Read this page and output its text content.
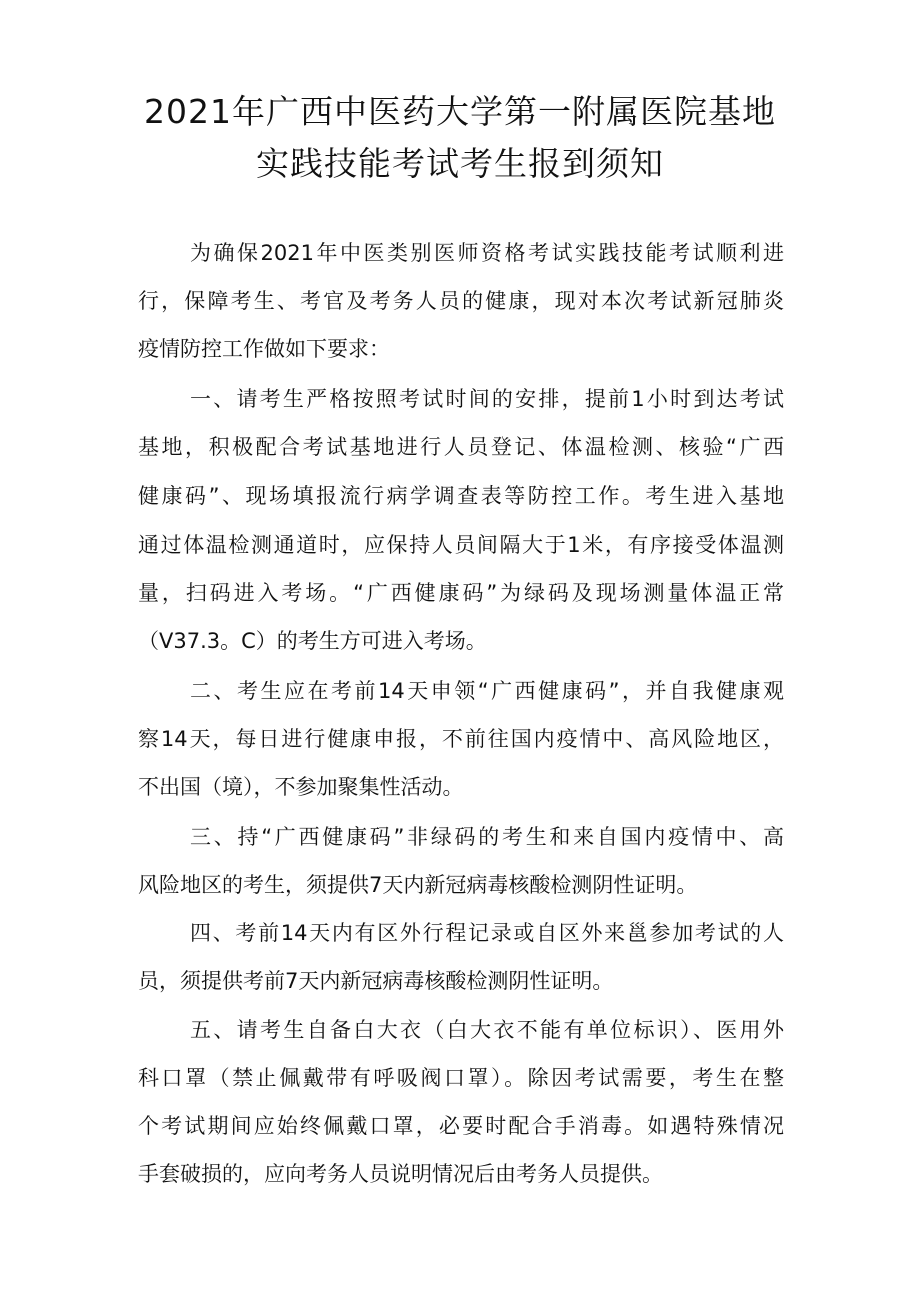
2021年广西中医药大学第一附属医院基地
实践技能考试考生报到须知
为确保2021年中医类别医师资格考试实践技能考试顺利进
行，保障考生、考官及考务人员的健康，现对本次考试新冠肺炎
疫情防控工作做如下要求：
一、请考生严格按照考试时间的安排，提前1小时到达考试
基地，积极配合考试基地进行人员登记、体温检测、核验“广西
健康码”、现场填报流行病学调查表等防控工作。考生进入基地
通过体温检测通道时，应保持人员间隔大于1米，有序接受体温测
量，扫码进入考场。“广西健康码”为绿码及现场测量体温正常
（V37.3。C）的考生方可进入考场。
二、考生应在考前14天申领“广西健康码”，并自我健康观
察14天，每日进行健康申报，不前往国内疫情中、高风险地区，
不出国（境），不参加聚集性活动。
三、持“广西健康码”非绿码的考生和来自国内疫情中、高
风险地区的考生，须提供7天内新冠病毒核酸检测阴性证明。
四、考前14天内有区外行程记录或自区外来邕参加考试的人
员，须提供考前7天内新冠病毒核酸检测阴性证明。
五、请考生自备白大衣（白大衣不能有单位标识）、医用外
科口罩（禁止佩戴带有呼吸阀口罩）。除因考试需要，考生在整
个考试期间应始终佩戴口罩，必要时配合手消毒。如遇特殊情况
手套破损的，应向考务人员说明情况后由考务人员提供。
